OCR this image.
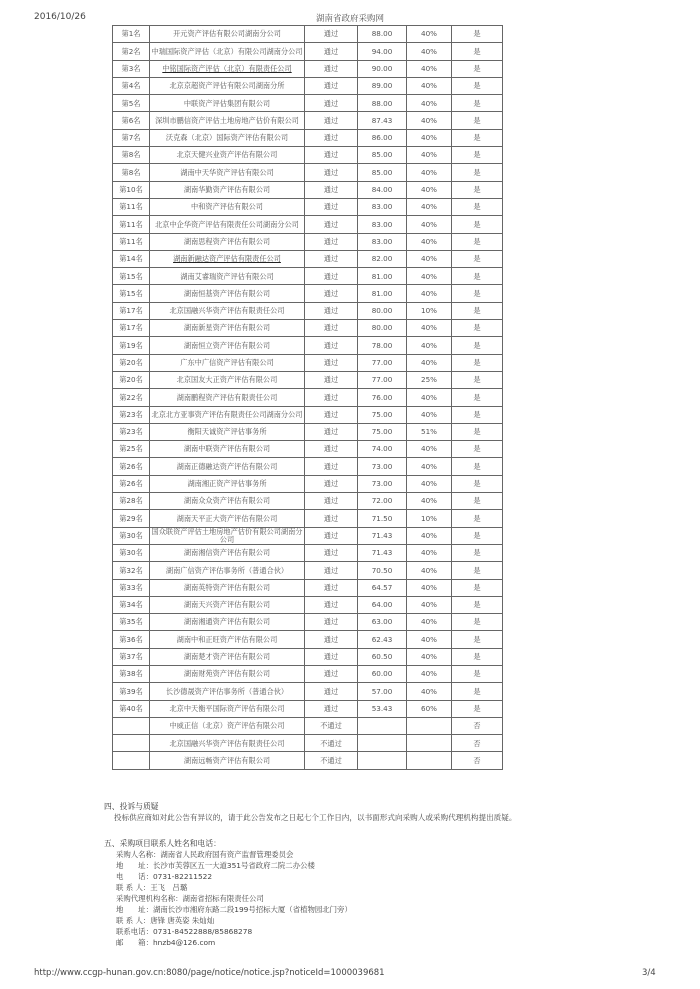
2016/10/26	湖南省政府采购网
第1名	开元资产评估有限公司湖南分公司	通过	88.00	40%	是
第2名	中瑞国际资产评估（北京）有限公司湖南分公司	通过	94.00	40%	是
第3名	中铭国际资产评估（北京）有限责任公司	通过	90.00	40%	是
第4名	北京京超资产评估有限公司湖南分所	通过	89.00	40%	是
第5名	中联资产评估集团有限公司	通过	88.00	40%	是
第6名	深圳市鹏信资产评估土地房地产估价有限公司	通过	87.43	40%	是
第7名	沃克森（北京）国际资产评估有限公司	通过	86.00	40%	是
第8名	北京天健兴业资产评估有限公司	通过	85.00	40%	是
第8名	湖南中天华资产评估有限公司	通过	85.00	40%	是
第10名	湖南华勤资产评估有限公司	通过	84.00	40%	是
第11名	中和资产评估有限公司	通过	83.00	40%	是
第11名	北京中企华资产评估有限责任公司湖南分公司	通过	83.00	40%	是
第11名	湖南思程资产评估有限公司	通过	83.00	40%	是
第14名	湖南新融达资产评估有限责任公司	通过	82.00	40%	是
第15名	湖南艾睿瑞资产评估有限公司	通过	81.00	40%	是
第15名	湖南恒基资产评估有限公司	通过	81.00	40%	是
第17名	北京国融兴华资产评估有限责任公司	通过	80.00	10%	是
第17名	湖南新星资产评估有限公司	通过	80.00	40%	是
第19名	湖南恒立资产评估有限公司	通过	78.00	40%	是
第20名	广东中广信资产评估有限公司	通过	77.00	40%	是
第20名	北京国友大正资产评估有限公司	通过	77.00	25%	是
第22名	湖南鹏程资产评估有限责任公司	通过	76.00	40%	是
第23名	北京北方亚事资产评估有限责任公司湖南分公司	通过	75.00	40%	是
第23名	衡阳天诚资产评估事务所	通过	75.00	51%	是
第25名	湖南中联资产评估有限公司	通过	74.00	40%	是
第26名	湖南正德融达资产评估有限公司	通过	73.00	40%	是
第26名	湖南湘正资产评估事务所	通过	73.00	40%	是
第28名	湖南众众资产评估有限公司	通过	72.00	40%	是
第29名	湖南天平正大资产评估有限公司	通过	71.50	10%	是
第30名	国众联资产评估土地房地产估价有限公司湖南分公司	通过	71.43	40%	是
第30名	湖南湘信资产评估有限公司	通过	71.43	40%	是
第32名	湖南广信资产评估事务所（普通合伙）	通过	70.50	40%	是
第33名	湖南英特资产评估有限公司	通过	64.57	40%	是
第34名	湖南天兴资产评估有限公司	通过	64.00	40%	是
第35名	湖南湘通资产评估有限公司	通过	63.00	40%	是
第36名	湖南中和正旺资产评估有限公司	通过	62.43	40%	是
第37名	湖南楚才资产评估有限公司	通过	60.50	40%	是
第38名	湖南财苑资产评估有限公司	通过	60.00	40%	是
第39名	长沙德晟资产评估事务所（普通合伙）	通过	57.00	40%	是
第40名	北京中天衡平国际资产评估有限公司	通过	53.43	60%	是
	中威正信（北京）资产评估有限公司	不通过			否
	北京国融兴华资产评估有限责任公司	不通过			否
	湖南远畅资产评估有限公司	不通过			否
四、投诉与质疑
投标供应商如对此公告有异议的，请于此公告发布之日起七个工作日内，以书面形式向采购人或采购代理机构提出质疑。
五、采购项目联系人姓名和电话：
采购人名称：湖南省人民政府国有资产监督管理委员会
地　　址：长沙市芙蓉区五一大道351号省政府二院二办公楼
电　　话：0731-82211522
联 系 人：王飞　吕璐
采购代理机构名称：湖南省招标有限责任公司
地　　址：湖南长沙市湘府东路二段199号招标大厦（省植物园北门旁）
联 系 人：唐锋 唐英姿 朱灿灿
联系电话：0731-84522888/85868278
邮　　箱：hnzb4@126.com
http://www.ccgp-hunan.gov.cn:8080/page/notice/notice.jsp?noticeId=1000039681	3/4
